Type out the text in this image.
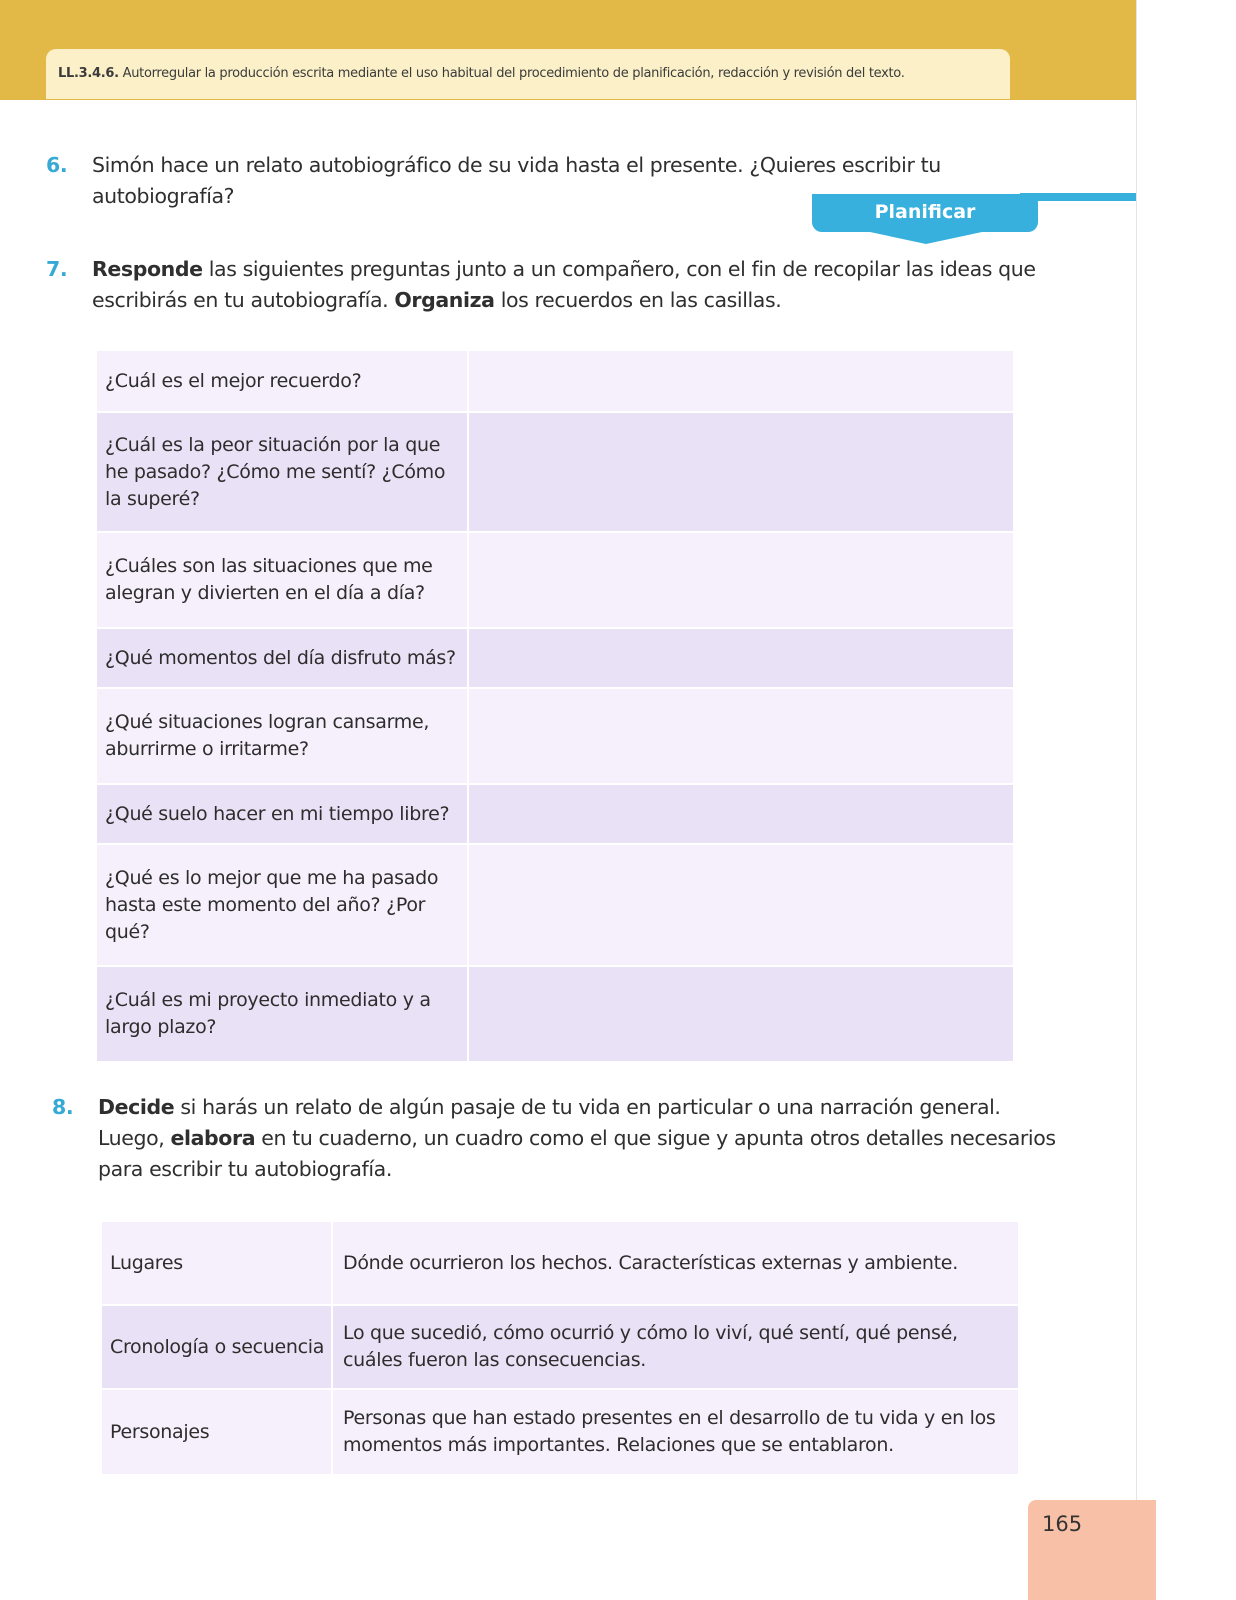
LL.3.4.6. Autorregular la producción escrita mediante el uso habitual del procedimiento de planificación, redacción y revisión del texto.
6. Simón hace un relato autobiográfico de su vida hasta el presente. ¿Quieres escribir tu autobiografía?
Planificar
7. Responde las siguientes preguntas junto a un compañero, con el fin de recopilar las ideas que escribirás en tu autobiografía. Organiza los recuerdos en las casillas.
¿Cuál es el mejor recuerdo?	
¿Cuál es la peor situación por la que he pasado? ¿Cómo me sentí? ¿Cómo la superé?	
¿Cuáles son las situaciones que me alegran y divierten en el día a día?	
¿Qué momentos del día disfruto más?	
¿Qué situaciones logran cansarme, aburrirme o irritarme?	
¿Qué suelo hacer en mi tiempo libre?	
¿Qué es lo mejor que me ha pasado hasta este momento del año? ¿Por qué?	
¿Cuál es mi proyecto inmediato y a largo plazo?	
8. Decide si harás un relato de algún pasaje de tu vida en particular o una narración general. Luego, elabora en tu cuaderno, un cuadro como el que sigue y apunta otros detalles necesarios para escribir tu autobiografía.
Lugares	Dónde ocurrieron los hechos. Características externas y ambiente.
Cronología o secuencia	Lo que sucedió, cómo ocurrió y cómo lo viví, qué sentí, qué pensé, cuáles fueron las consecuencias.
Personajes	Personas que han estado presentes en el desarrollo de tu vida y en los momentos más importantes. Relaciones que se entablaron.
165
